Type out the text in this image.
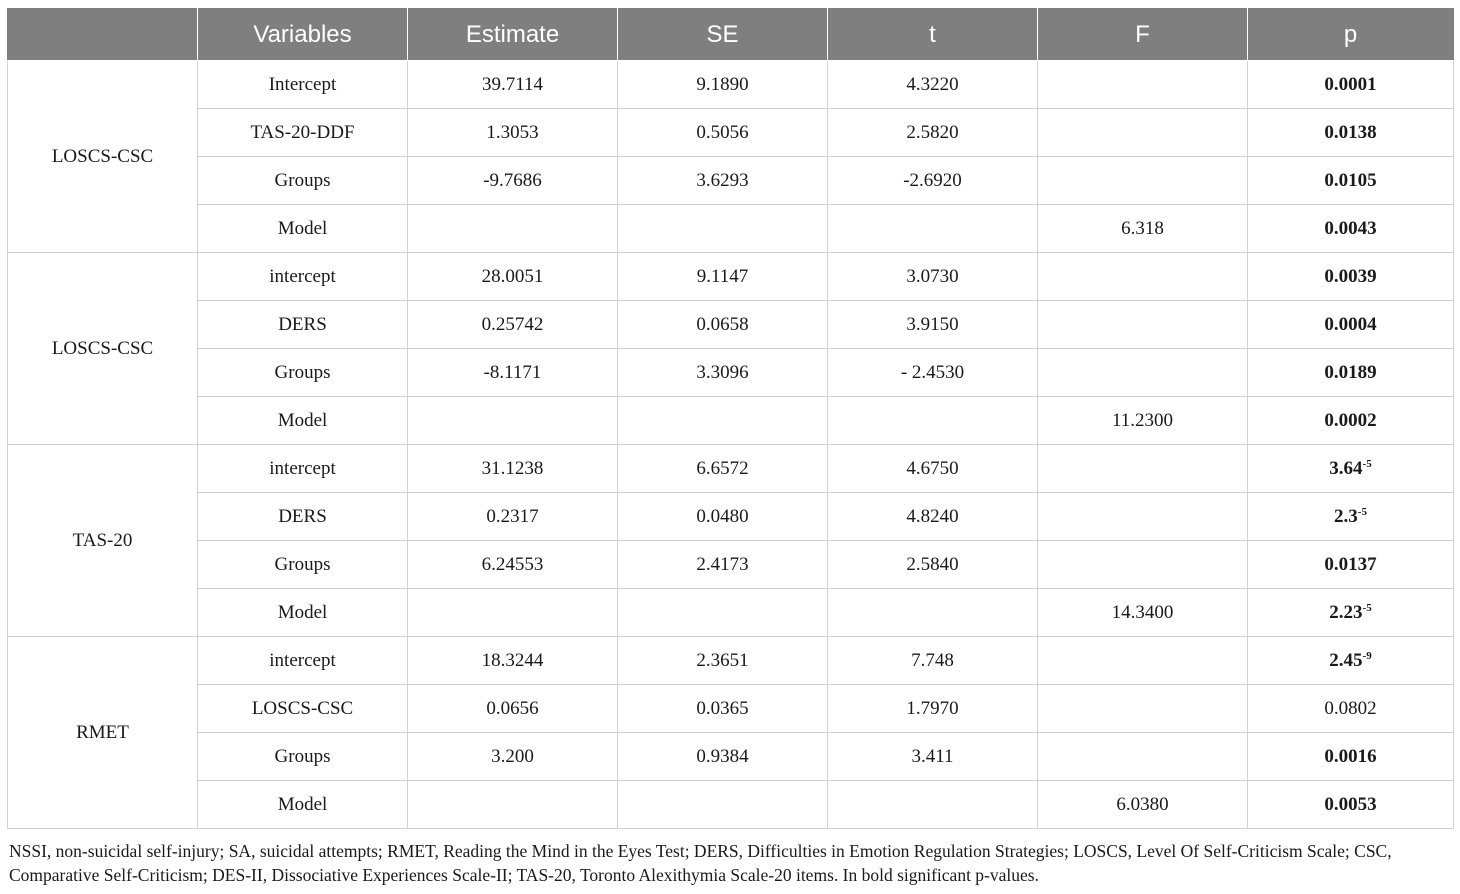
	Variables	Estimate	SE	t	F	p
LOSCS-CSC	Intercept	39.7114	9.1890	4.3220		0.0001
	TAS-20-DDF	1.3053	0.5056	2.5820		0.0138
	Groups	-9.7686	3.6293	-2.6920		0.0105
	Model				6.318	0.0043
LOSCS-CSC	intercept	28.0051	9.1147	3.0730		0.0039
	DERS	0.25742	0.0658	3.9150		0.0004
	Groups	-8.1171	3.3096	- 2.4530		0.0189
	Model				11.2300	0.0002
TAS-20	intercept	31.1238	6.6572	4.6750		$3.64^{-5}$
	DERS	0.2317	0.0480	4.8240		$2.3^{-5}$
	Groups	6.24553	2.4173	2.5840		0.0137
	Model				14.3400	$2.23^{-5}$
RMET	intercept	18.3244	2.3651	7.748		$2.45^{-9}$
	LOSCS-CSC	0.0656	0.0365	1.7970		0.0802
	Groups	3.200	0.9384	3.411		0.0016
	Model				6.0380	0.0053
NSSI, non-suicidal self-injury; SA, suicidal attempts; RMET, Reading the Mind in the Eyes Test; DERS, Difficulties in Emotion Regulation Strategies; LOSCS, Level Of Self-Criticism Scale; CSC, Comparative Self-Criticism; DES-II, Dissociative Experiences Scale-II; TAS-20, Toronto Alexithymia Scale-20 items. In bold significant p-values.
